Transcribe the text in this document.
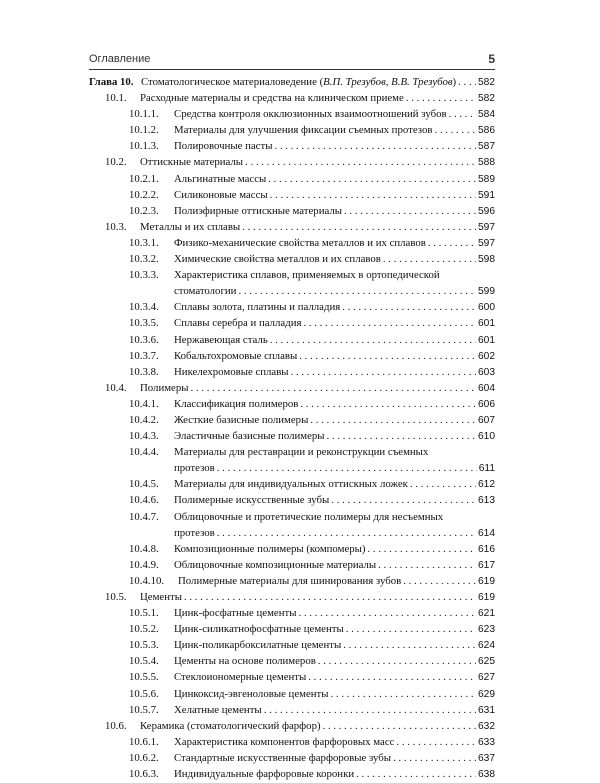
Оглавление	5
Глава 10. Стоматологическое материаловедение ( В.П. Трезубов, В.В. Трезубов ) . . . 582
10.1. Расходные материалы и средства на клиническом приеме . . .	582
10.1.1. Средства контроля окклюзионных взаимоотношений зубов . . .	584
10.1.2. Материалы для улучшения фиксации съемных протезов . . .	586
10.1.3. Полировочные пасты . . .	587
10.2. Оттискные материалы . . .	588
10.2.1. Альгинатные массы . . .	589
10.2.2. Силиконовые массы . . .	591
10.2.3. Полиэфирные оттискные материалы . . .	596
10.3. Металлы и их сплавы . . .	597
10.3.1. Физико-механические свойства металлов и их сплавов . . .	597
10.3.2. Химические свойства металлов и их сплавов . . .	598
10.3.3. Характеристика сплавов, применяемых в ортопедической
стоматологии . . .	599
10.3.4. Сплавы золота, платины и палладия . . .	600
10.3.5. Сплавы серебра и палладия . . .	601
10.3.6. Нержавеющая сталь . . .	601
10.3.7. Кобальтохромовые сплавы . . .	602
10.3.8. Никелехромовые сплавы . . .	603
10.4. Полимеры . . .	604
10.4.1. Классификация полимеров . . .	606
10.4.2. Жесткие базисные полимеры . . .	607
10.4.3. Эластичные базисные полимеры . . .	610
10.4.4. Материалы для реставрации и реконструкции съемных
протезов . . .	611
10.4.5. Материалы для индивидуальных оттискных ложек . . .	612
10.4.6. Полимерные искусственные зубы . . .	613
10.4.7. Облицовочные и протетические полимеры для несъемных
протезов . . .	614
10.4.8. Композиционные полимеры (компомеры) . . .	616
10.4.9. Облицовочные композиционные материалы . . .	617
10.4.10. Полимерные материалы для шинирования зубов . . .	619
10.5. Цементы . . .	619
10.5.1. Цинк-фосфатные цементы . . .	621
10.5.2. Цинк-силикатнофосфатные цементы . . .	623
10.5.3. Цинк-поликарбоксилатные цементы . . .	624
10.5.4. Цементы на основе полимеров . . .	625
10.5.5. Стеклоиономерные цементы . . .	627
10.5.6. Цинкоксид-эвгеноловые цементы . . .	629
10.5.7. Хелатные цементы . . .	631
10.6. Керамика (стоматологический фарфор) . . .	632
10.6.1. Характеристика компонентов фарфоровых масс . . .	633
10.6.2. Стандартные искусственные фарфоровые зубы . . .	637
10.6.3. Индивидуальные фарфоровые коронки . . .	638
